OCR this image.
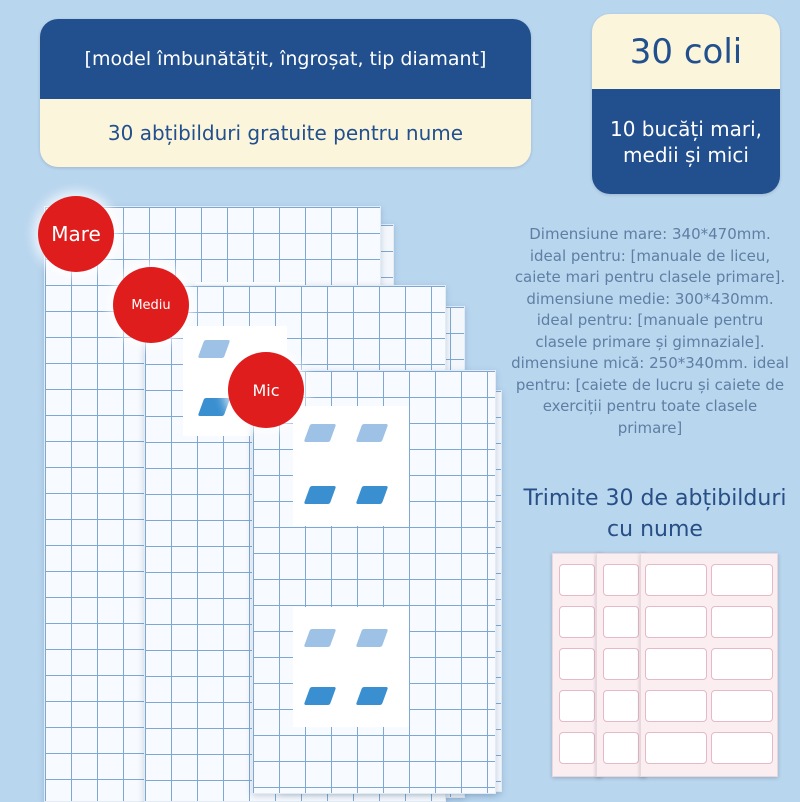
[model îmbunătățit, îngroșat, tip diamant]
30 abțibilduri gratuite pentru nume
30 coli
10 bucăți mari, medii și mici
Mare
Mediu
Mic
Dimensiune mare: 340*470mm. ideal pentru: [manuale de liceu, caiete mari pentru clasele primare]. dimensiune medie: 300*430mm. ideal pentru: [manuale pentru clasele primare și gimnaziale]. dimensiune mică: 250*340mm. ideal pentru: [caiete de lucru și caiete de exerciții pentru toate clasele primare]
Trimite 30 de abțibilduri cu nume
